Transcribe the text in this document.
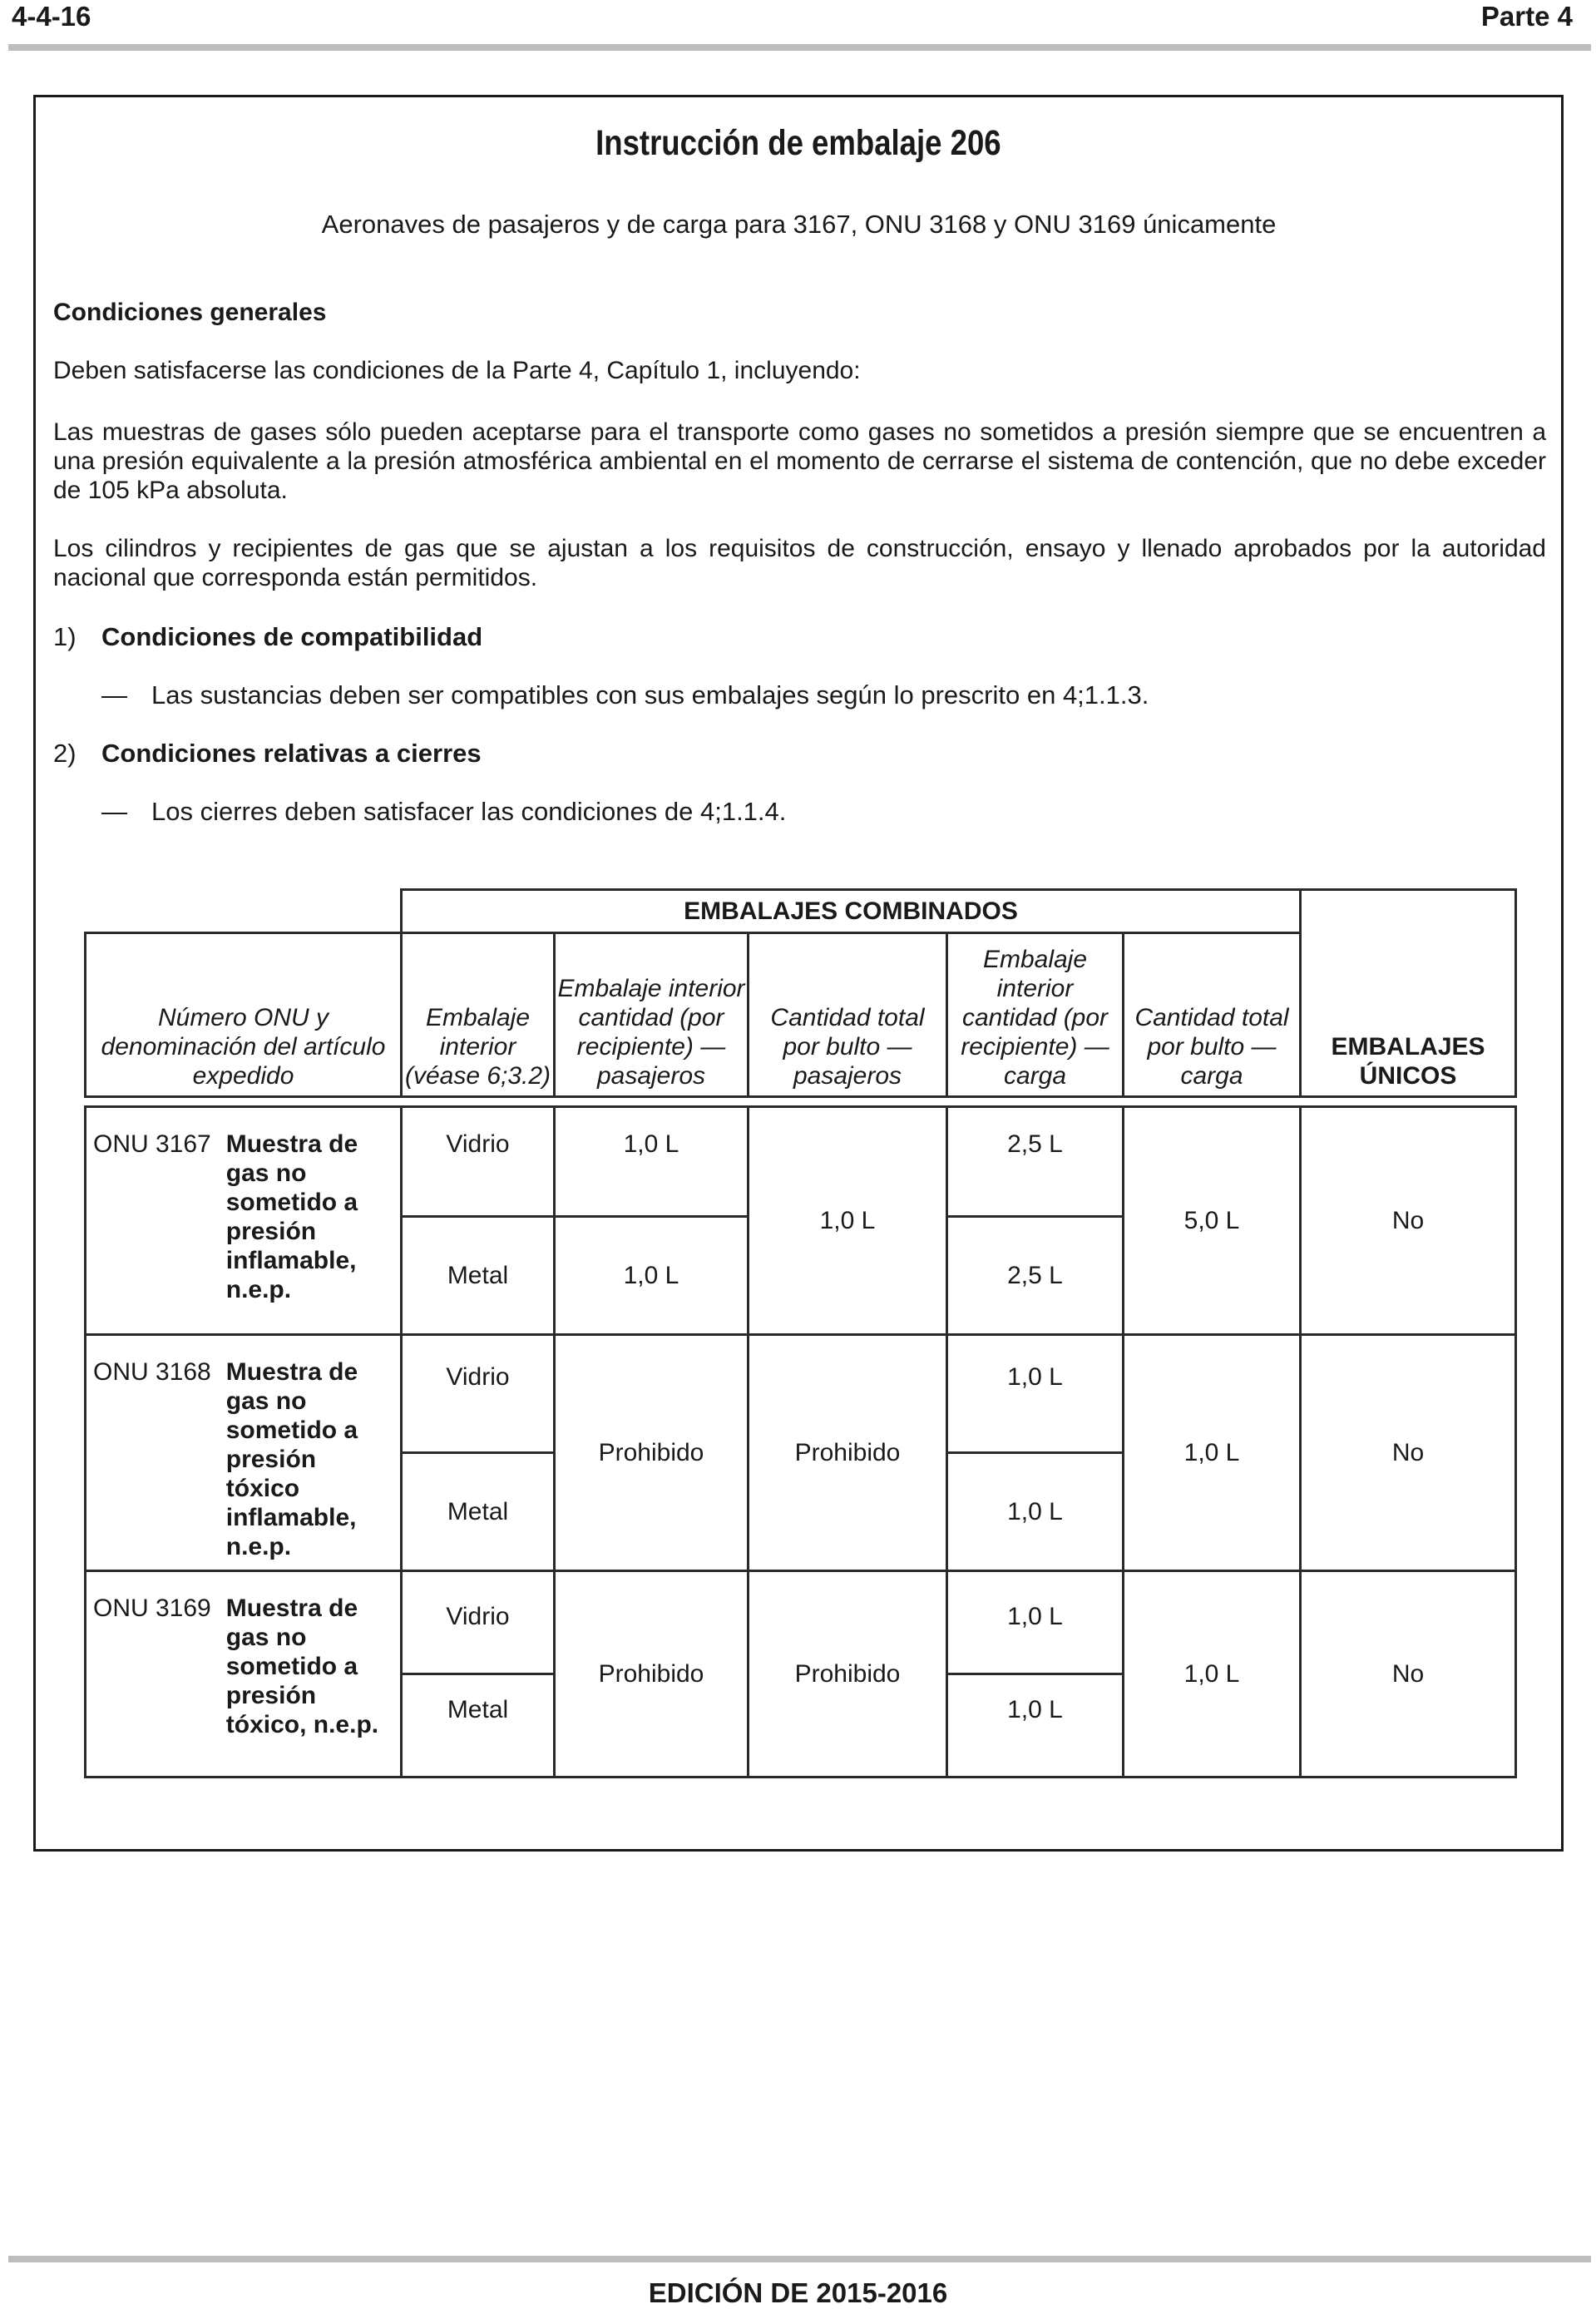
4-4-16	Parte 4
Instrucción de embalaje 206
Aeronaves de pasajeros y de carga para 3167, ONU 3168 y ONU 3169 únicamente
Condiciones generales
Deben satisfacerse las condiciones de la Parte 4, Capítulo 1, incluyendo:
Las muestras de gases sólo pueden aceptarse para el transporte como gases no sometidos a presión siempre que se encuentren a una presión equivalente a la presión atmosférica ambiental en el momento de cerrarse el sistema de contención, que no debe exceder de 105 kPa absoluta.
Los cilindros y recipientes de gas que se ajustan a los requisitos de construcción, ensayo y llenado aprobados por la autoridad nacional que corresponda están permitidos.
1) Condiciones de compatibilidad
— Las sustancias deben ser compatibles con sus embalajes según lo prescrito en 4;1.1.3.
2) Condiciones relativas a cierres
— Los cierres deben satisfacer las condiciones de 4;1.1.4.
	EMBALAJES COMBINADOS					EMBALAJES ÚNICOS
Número ONU y denominación del artículo expedido	Embalaje interior (véase 6;3.2)	Embalaje interior cantidad (por recipiente) — pasajeros	Cantidad total por bulto — pasajeros	Embalaje interior cantidad (por recipiente) — carga	Cantidad total por bulto — carga	

ONU 3167 Muestra de gas no sometido a presión inflamable, n.e.p.	Vidrio	1,0 L	1,0 L	2,5 L	5,0 L	No
	Metal	1,0 L		2,5 L		

ONU 3168 Muestra de gas no sometido a presión tóxico inflamable, n.e.p.	Vidrio	Prohibido	Prohibido	1,0 L	1,0 L	No
	Metal			1,0 L		

ONU 3169 Muestra de gas no sometido a presión tóxico, n.e.p.	Vidrio	Prohibido	Prohibido	1,0 L	1,0 L	No
	Metal			1,0 L		
EDICIÓN DE 2015-2016
